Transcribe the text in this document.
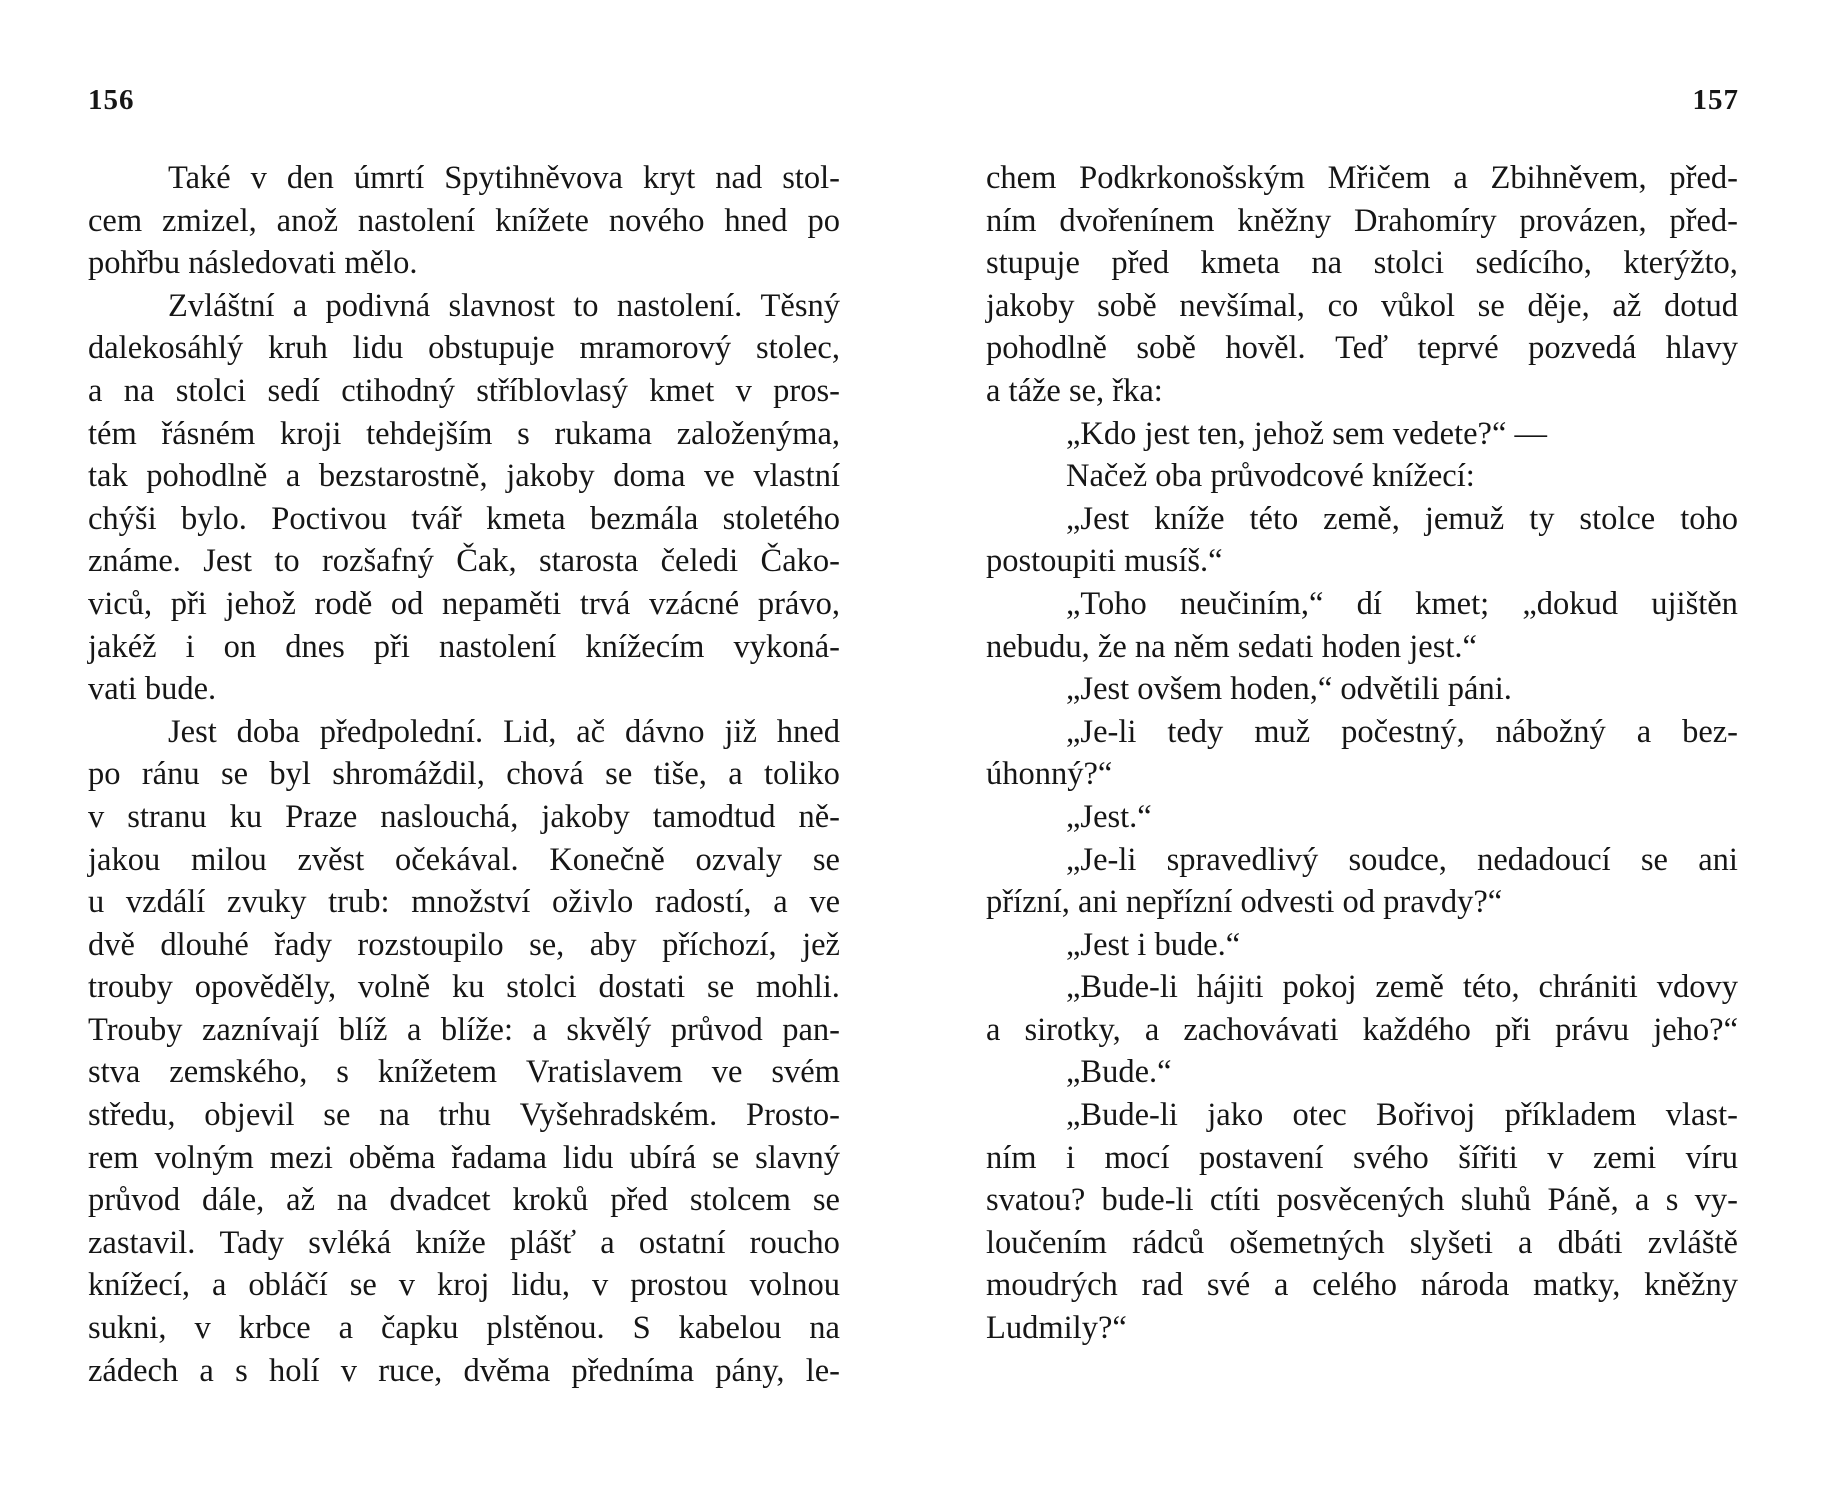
156
Také v den úmrtí Spytihněvova kryt nad stol-
cem zmizel, anož nastolení knížete nového hned po
pohřbu následovati mělo.
Zvláštní a podivná slavnost to nastolení. Těsný
dalekosáhlý kruh lidu obstupuje mramorový stolec,
a na stolci sedí ctihodný stříblovlasý kmet v pros-
tém řásném kroji tehdejším s rukama založenýma,
tak pohodlně a bezstarostně, jakoby doma ve vlastní
chýši bylo. Poctivou tvář kmeta bezmála stoletého
známe. Jest to rozšafný Čak, starosta čeledi Čako-
viců, při jehož rodě od nepaměti trvá vzácné právo,
jakéž i on dnes při nastolení knížecím vykoná-
vati bude.
Jest doba předpolední. Lid, ač dávno již hned
po ránu se byl shromáždil, chová se tiše, a toliko
v stranu ku Praze naslouchá, jakoby tamodtud ně-
jakou milou zvěst očekával. Konečně ozvaly se
u vzdálí zvuky trub: množství oživlo radostí, a ve
dvě dlouhé řady rozstoupilo se, aby příchozí, jež
trouby opověděly, volně ku stolci dostati se mohli.
Trouby zaznívají blíž a blíže: a skvělý průvod pan-
stva zemského, s knížetem Vratislavem ve svém
středu, objevil se na trhu Vyšehradském. Prosto-
rem volným mezi oběma řadama lidu ubírá se slavný
průvod dále, až na dvadcet kroků před stolcem se
zastavil. Tady svléká kníže plášť a ostatní roucho
knížecí, a obláčí se v kroj lidu, v prostou volnou
sukni, v krbce a čapku plstěnou. S kabelou na
zádech a s holí v ruce, dvěma předníma pány, le-
157
chem Podkrkonošským Mřičem a Zbihněvem, před-
ním dvořenínem kněžny Drahomíry provázen, před-
stupuje před kmeta na stolci sedícího, kterýžto,
jakoby sobě nevšímal, co vůkol se děje, až dotud
pohodlně sobě hověl. Teď teprvé pozvedá hlavy
a táže se, řka:
„Kdo jest ten, jehož sem vedete?“ —
Načež oba průvodcové knížecí:
„Jest kníže této země, jemuž ty stolce toho
postoupiti musíš.“
„Toho neučiním,“ dí kmet; „dokud ujištěn
nebudu, že na něm sedati hoden jest.“
„Jest ovšem hoden,“ odvětili páni.
„Je-li tedy muž počestný, nábožný a bez-
úhonný?“
„Jest.“
„Je-li spravedlivý soudce, nedadoucí se ani
přízní, ani nepřízní odvesti od pravdy?“
„Jest i bude.“
„Bude-li hájiti pokoj země této, chrániti vdovy
a sirotky, a zachovávati každého při právu jeho?“
„Bude.“
„Bude-li jako otec Bořivoj příkladem vlast-
ním i mocí postavení svého šířiti v zemi víru
svatou? bude-li ctíti posvěcených sluhů Páně, a s vy-
loučením rádců ošemetných slyšeti a dbáti zvláště
moudrých rad své a celého národa matky, kněžny
Ludmily?“
